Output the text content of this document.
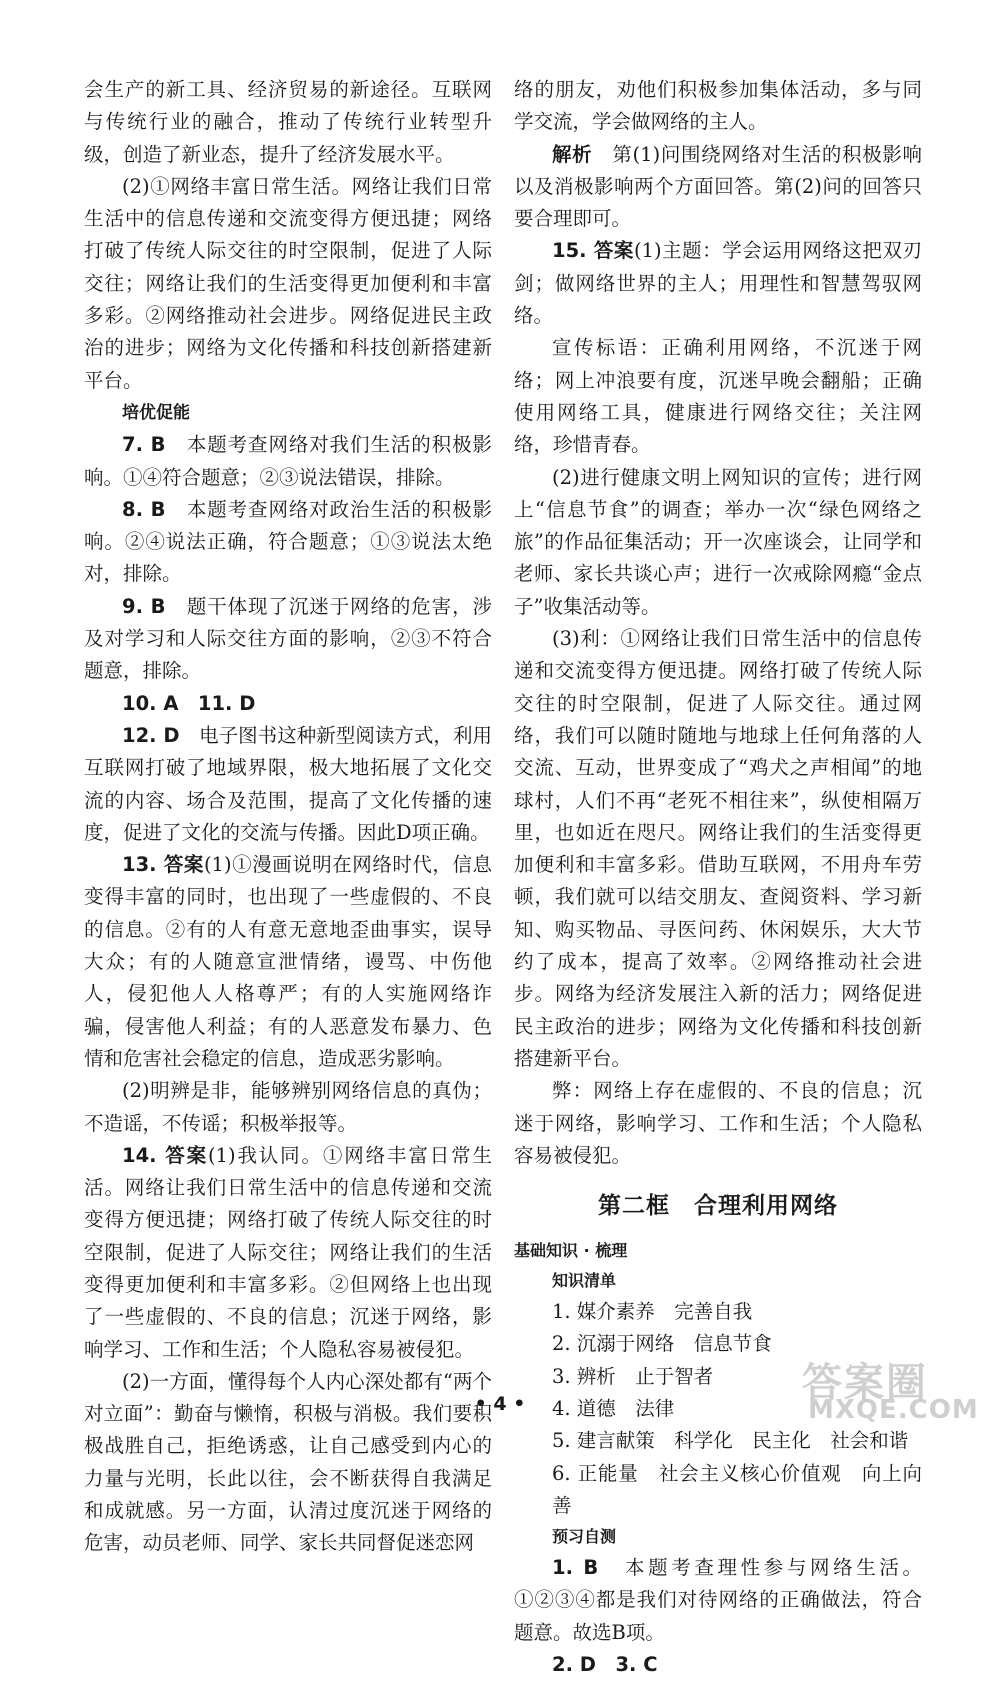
会生产的新工具、经济贸易的新途径。互联网与传统行业的融合，推动了传统行业转型升级，创造了新业态，提升了经济发展水平。

(2)①网络丰富日常生活。网络让我们日常生活中的信息传递和交流变得方便迅捷；网络打破了传统人际交往的时空限制，促进了人际交往；网络让我们的生活变得更加便利和丰富多彩。②网络推动社会进步。网络促进民主政治的进步；网络为文化传播和科技创新搭建新平台。

培优促能

7. B　 本题考查网络对我们生活的积极影响。①④符合题意；②③说法错误，排除。

8. B　 本题考查网络对政治生活的积极影响。②④说法正确，符合题意；①③说法太绝对，排除。

9. B　 题干体现了沉迷于网络的危害，涉及对学习和人际交往方面的影响，②③不符合题意，排除。

10. A　11. D

12. D　 电子图书这种新型阅读方式，利用互联网打破了地域界限，极大地拓展了文化交流的内容、场合及范围，提高了文化传播的速度，促进了文化的交流与传播。因此D项正确。

13. 答案(1)①漫画说明在网络时代，信息变得丰富的同时，也出现了一些虚假的、不良的信息。②有的人有意无意地歪曲事实，误导大众；有的人随意宣泄情绪，谩骂、中伤他人，侵犯他人人格尊严；有的人实施网络诈骗，侵害他人利益；有的人恶意发布暴力、色情和危害社会稳定的信息，造成恶劣影响。

(2)明辨是非，能够辨别网络信息的真伪；不造谣，不传谣；积极举报等。

14. 答案(1)我认同。①网络丰富日常生活。网络让我们日常生活中的信息传递和交流变得方便迅捷；网络打破了传统人际交往的时空限制，促进了人际交往；网络让我们的生活变得更加便利和丰富多彩。②但网络上也出现了一些虚假的、不良的信息；沉迷于网络，影响学习、工作和生活；个人隐私容易被侵犯。

(2)一方面，懂得每个人内心深处都有“两个对立面”：勤奋与懒惰，积极与消极。我们要积极战胜自己，拒绝诱惑，让自己感受到内心的力量与光明，长此以往，会不断获得自我满足和成就感。另一方面，认清过度沉迷于网络的危害，动员老师、同学、家长共同督促迷恋网

络的朋友，劝他们积极参加集体活动，多与同学交流，学会做网络的主人。

解析　 第(1)问围绕网络对生活的积极影响以及消极影响两个方面回答。第(2)问的回答只要合理即可。

15. 答案(1)主题：学会运用网络这把双刃剑；做网络世界的主人；用理性和智慧驾驭网络。

宣传标语：正确利用网络，不沉迷于网络；网上冲浪要有度，沉迷早晚会翻船；正确使用网络工具，健康进行网络交往；关注网络，珍惜青春。

(2)进行健康文明上网知识的宣传；进行网上“信息节食”的调查；举办一次“绿色网络之旅”的作品征集活动；开一次座谈会，让同学和老师、家长共谈心声；进行一次戒除网瘾“金点子”收集活动等。

(3)利：①网络让我们日常生活中的信息传递和交流变得方便迅捷。网络打破了传统人际交往的时空限制，促进了人际交往。通过网络，我们可以随时随地与地球上任何角落的人交流、互动，世界变成了“鸡犬之声相闻”的地球村，人们不再“老死不相往来”，纵使相隔万里，也如近在咫尺。网络让我们的生活变得更加便利和丰富多彩。借助互联网，不用舟车劳顿，我们就可以结交朋友、查阅资料、学习新知、购买物品、寻医问药、休闲娱乐，大大节约了成本，提高了效率。②网络推动社会进步。网络为经济发展注入新的活力；网络促进民主政治的进步；网络为文化传播和科技创新搭建新平台。

弊：网络上存在虚假的、不良的信息；沉迷于网络，影响学习、工作和生活；个人隐私容易被侵犯。

第二框　合理利用网络
基础知识 · 梳理
知识清单

1. 媒介素养　完善自我

2. 沉溺于网络　信息节食

3. 辨析　止于智者

4. 道德　法律

5. 建言献策　科学化　民主化　社会和谐

6. 正能量　社会主义核心价值观　向上向善

预习自测

1. B　 本题考查理性参与网络生活。①②③④都是我们对待网络的正确做法，符合题意。故选B项。

2. D　3. C

• 4 •	答案圈
MXQE.COM
